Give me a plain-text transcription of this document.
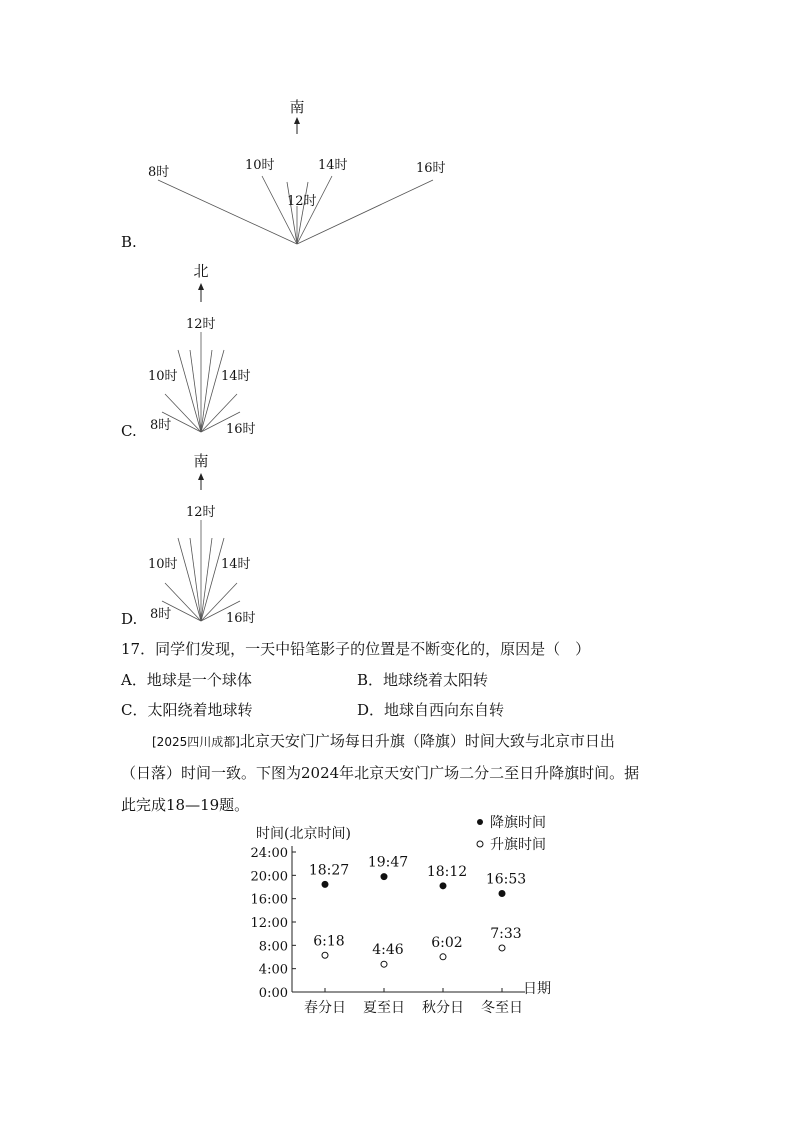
南
8时	10时
12时
14时	16时
B.
北
12时
10时	14时
8时	16时
C.
南
12时
10时	14时
8时	16时
D.
17．同学们发现，一天中铅笔影子的位置是不断变化的，原因是（　）
A．地球是一个球体	B．地球绕着太阳转
C．太阳绕着地球转	D．地球自西向东自转
[2025四川成都]北京天安门广场每日升旗（降旗）时间大致与北京市日出
（日落）时间一致。下图为2024年北京天安门广场二分二至日升降旗时间。据
此完成18—19题。
时间(北京时间)
降旗时间
升旗时间
0:00
4:00
8:00
12:00
16:00
20:00
24:00
春分日 夏至日 秋分日 冬至日
18:27 19:47
18:12 16:53
6:18
4:46 6:02
7:33
日期
